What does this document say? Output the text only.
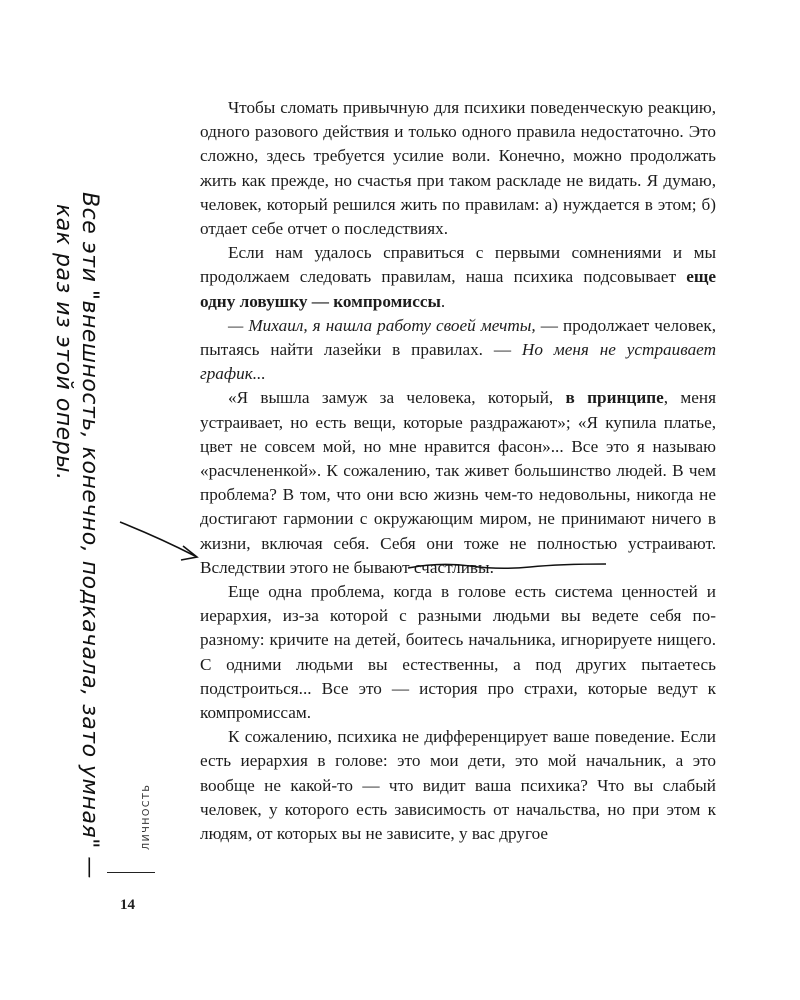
Чтобы сломать привычную для психики поведенческую реакцию, одного разового действия и только одного правила недостаточно. Это сложно, здесь требуется усилие воли. Конечно, можно продолжать жить как прежде, но счастья при таком раскладе не видать. Я думаю, человек, который решился жить по правилам: а) нуждается в этом; б) отдает себе отчет о последствиях.

Если нам удалось справиться с первыми сомнениями и мы продолжаем следовать правилам, наша психика подсовывает еще одну ловушку — компромиссы.

— Михаил, я нашла работу своей мечты, — продолжает человек, пытаясь найти лазейки в правилах. — Но меня не устраивает график...

«Я вышла замуж за человека, который, в принципе, меня устраивает, но есть вещи, которые раздражают»; «Я купила платье, цвет не совсем мой, но мне нравится фасон»... Все это я называю «расчлененкой». К сожалению, так живет большинство людей. В чем проблема? В том, что они всю жизнь чем-то недовольны, никогда не достигают гармонии с окружающим миром, не принимают ничего в жизни, включая себя. Себя они тоже не полностью устраивают. Вследствии этого не бывают счастливы.

Еще одна проблема, когда в голове есть система ценностей и иерархия, из-за которой с разными людьми вы ведете себя по-разному: кричите на детей, боитесь начальника, игнорируете нищего. С одними людьми вы естественны, а под других пытаетесь подстроиться... Все это — история про страхи, которые ведут к компромиссам.

К сожалению, психика не дифференцирует ваше поведение. Если есть иерархия в голове: это мои дети, это мой начальник, а это вообще не какой-то — что видит ваша психика? Что вы слабый человек, у которого есть зависимость от начальства, но при этом к людям, от которых вы не зависите, у вас другое

Все эти "внешность, конечно, подкачала, зато умная" —
как раз из этой оперы.
ЛИЧНОСТЬ
14
